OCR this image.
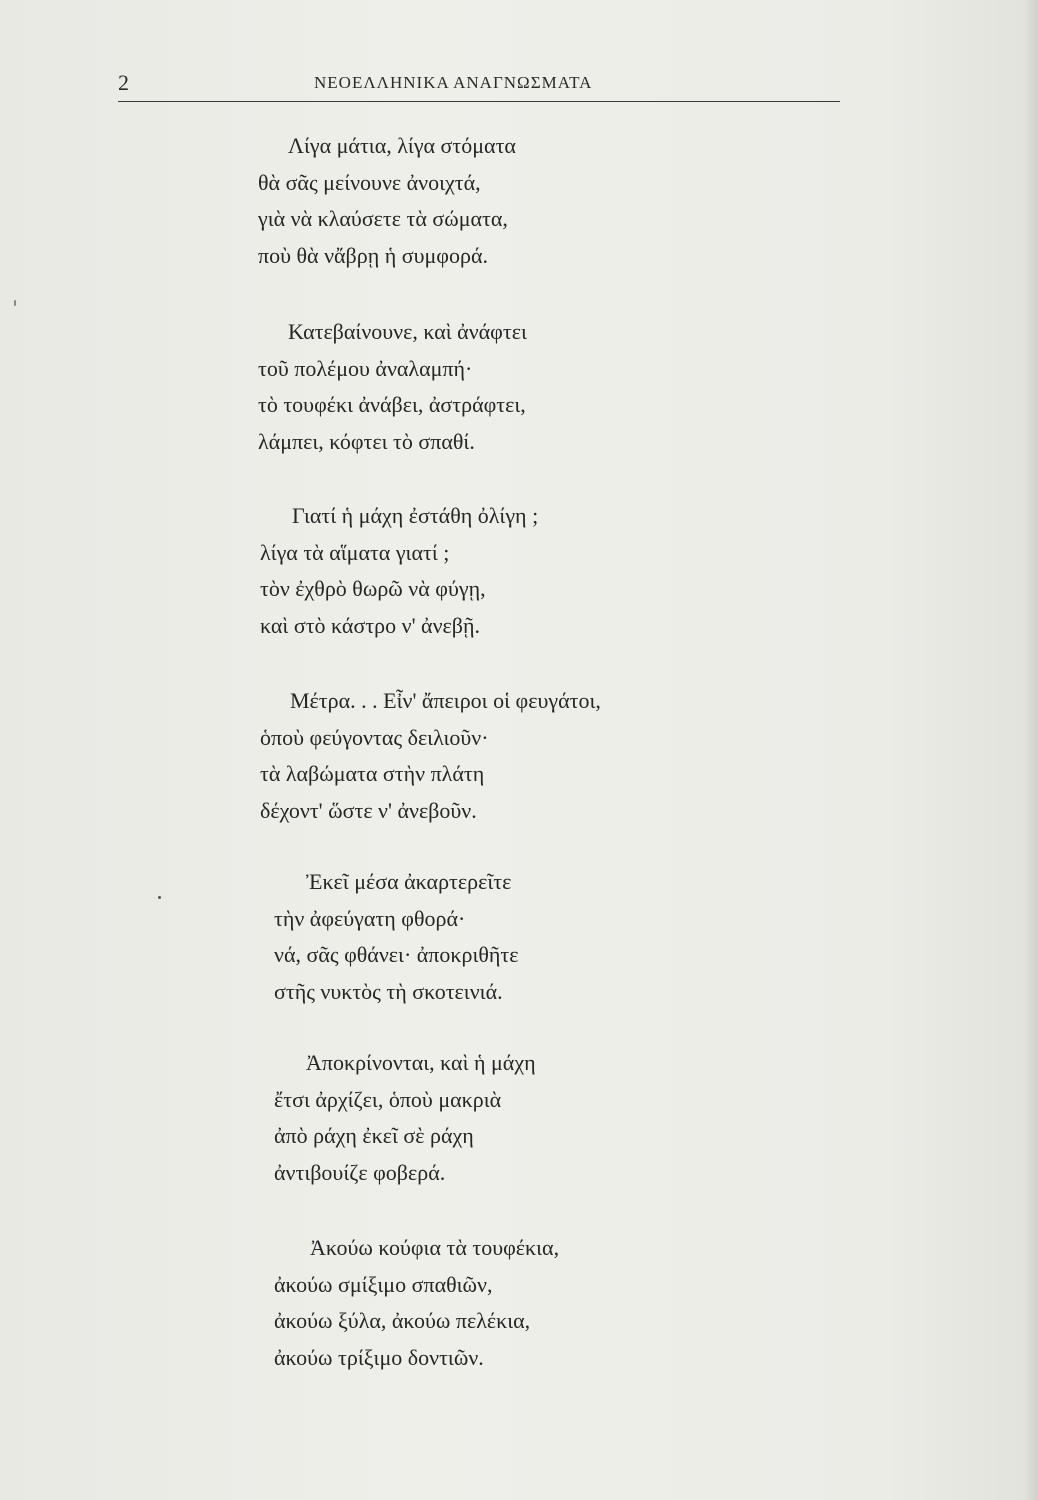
2	ΝΕΟΕΛΛΗΝΙΚΑ ΑΝΑΓΝΩΣΜΑΤΑ
Λίγα μάτια, λίγα στόματα
θὰ σᾶς μείνουνε ἀνοιχτά,
γιὰ νὰ κλαύσετε τὰ σώματα,
ποὺ θὰ νἄβρῃ ἡ συμφορά.
Κατεβαίνουνε, καὶ ἀνάφτει
τοῦ πολέμου ἀναλαμπή·
τὸ τουφέκι ἀνάβει, ἀστράφτει,
λάμπει, κόφτει τὸ σπαθί.
Γιατί ἡ μάχη ἐστάθη ὀλίγη ;
λίγα τὰ αἵματα γιατί ;
τὸν ἐχθρὸ θωρῶ νὰ φύγῃ,
καὶ στὸ κάστρο ν' ἀνεβῇ.
Μέτρα. . . Εἶν' ἄπειροι οἱ φευγάτοι,
ὁποὺ φεύγοντας δειλιοῦν·
τὰ λαβώματα στὴν πλάτη
δέχοντ' ὥστε ν' ἀνεβοῦν.
Ἐκεῖ μέσα ἀκαρτερεῖτε
τὴν ἀφεύγατη φθορά·
νά, σᾶς φθάνει· ἀποκριθῆτε
στῆς νυκτὸς τὴ σκοτεινιά.
Ἀποκρίνονται, καὶ ἡ μάχη
ἔτσι ἀρχίζει, ὁποὺ μακριὰ
ἀπὸ ράχη ἐκεῖ σὲ ράχη
ἀντιβουίζε φοβερά.
Ἀκούω κούφια τὰ τουφέκια,
ἀκούω σμίξιμο σπαθιῶν,
ἀκούω ξύλα, ἀκούω πελέκια,
ἀκούω τρίξιμο δοντιῶν.
